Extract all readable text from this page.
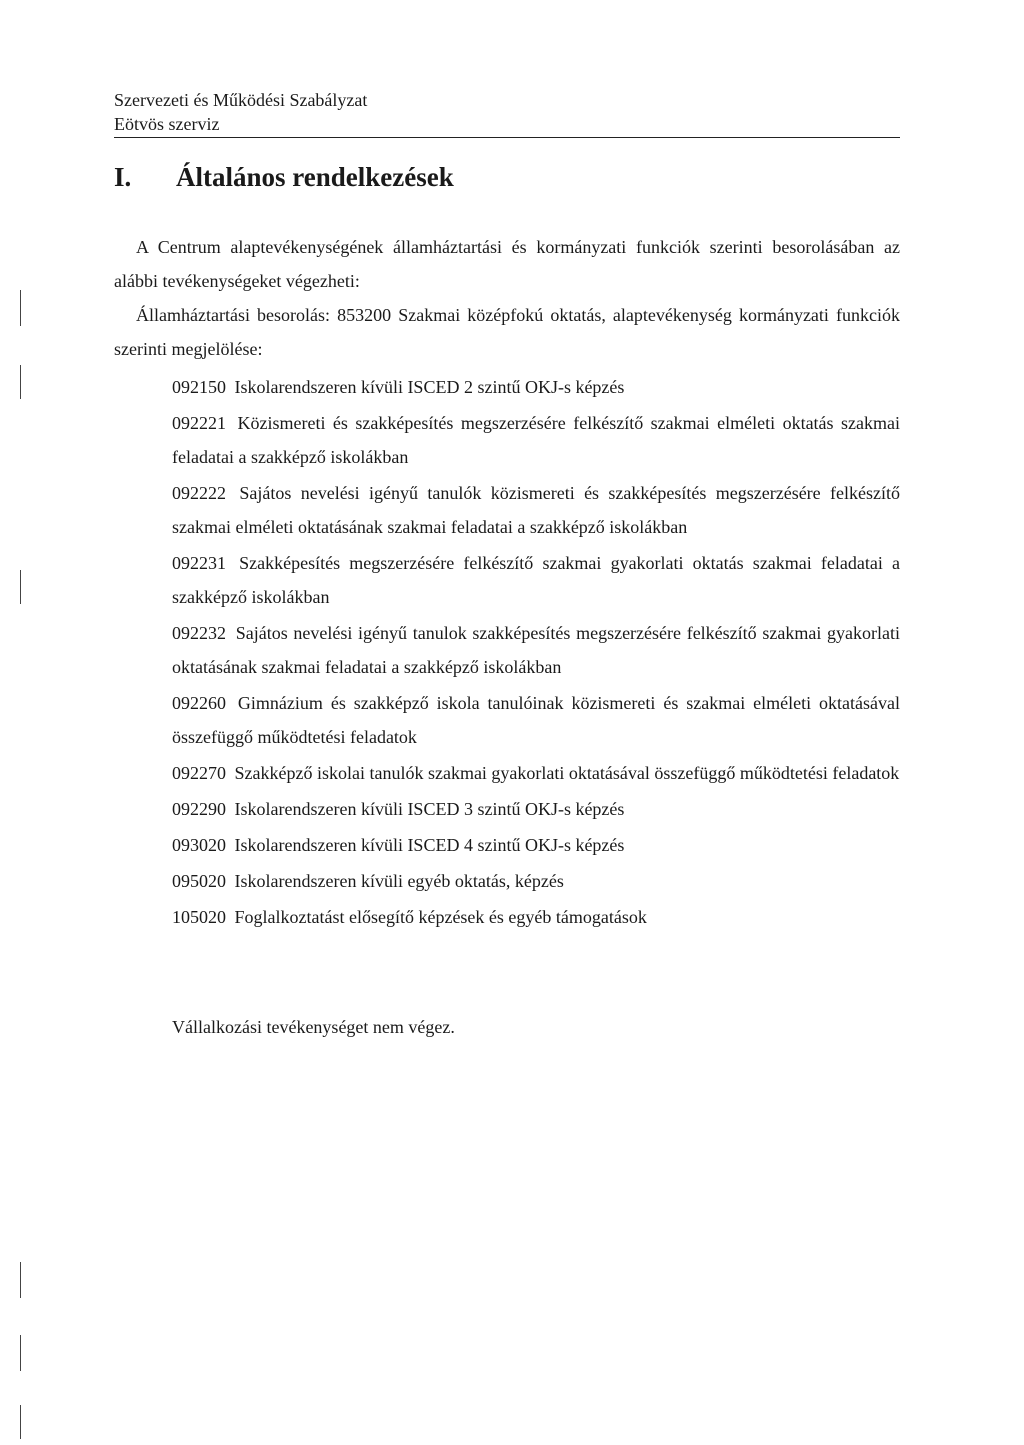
Szervezeti és Működési Szabályzat
Eötvös szerviz
I. Általános rendelkezések

A Centrum alaptevékenységének államháztartási és kormányzati funkciók szerinti besorolásában az alábbi tevékenységeket végezheti:

Államháztartási besorolás: 853200 Szakmai középfokú oktatás, alaptevékenység kormányzati funkciók szerinti megjelölése:

092150 Iskolarendszeren kívüli ISCED 2 szintű OKJ-s képzés

092221 Közismereti és szakképesítés megszerzésére felkészítő szakmai elméleti oktatás szakmai feladatai a szakképző iskolákban

092222 Sajátos nevelési igényű tanulók közismereti és szakképesítés megszerzésére felkészítő szakmai elméleti oktatásának szakmai feladatai a szakképző iskolákban

092231 Szakképesítés megszerzésére felkészítő szakmai gyakorlati oktatás szakmai feladatai a szakképző iskolákban

092232 Sajátos nevelési igényű tanulok szakképesítés megszerzésére felkészítő szakmai gyakorlati oktatásának szakmai feladatai a szakképző iskolákban

092260 Gimnázium és szakképző iskola tanulóinak közismereti és szakmai elméleti oktatásával összefüggő működtetési feladatok

092270 Szakképző iskolai tanulók szakmai gyakorlati oktatásával összefüggő működtetési feladatok

092290 Iskolarendszeren kívüli ISCED 3 szintű OKJ-s képzés

093020 Iskolarendszeren kívüli ISCED 4 szintű OKJ-s képzés

095020 Iskolarendszeren kívüli egyéb oktatás, képzés

105020 Foglalkoztatást elősegítő képzések és egyéb támogatások

Vállalkozási tevékenységet nem végez.
